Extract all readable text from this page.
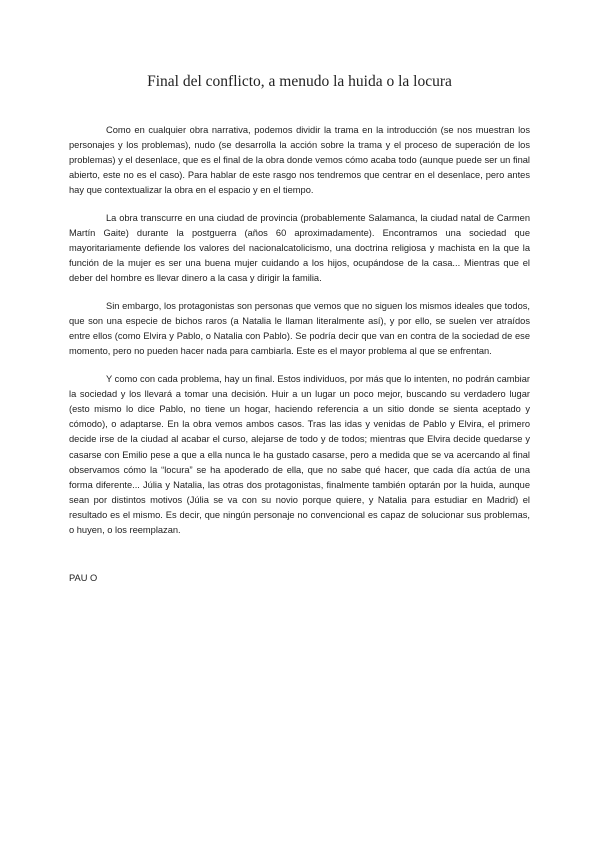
Final del conflicto, a menudo la huida o la locura

Como en cualquier obra narrativa, podemos dividir la trama en la introducción (se nos muestran los personajes y los problemas), nudo (se desarrolla la acción sobre la trama y el proceso de superación de los problemas) y el desenlace, que es el final de la obra donde vemos cómo acaba todo (aunque puede ser un final abierto, este no es el caso). Para hablar de este rasgo nos tendremos que centrar en el desenlace, pero antes hay que contextualizar la obra en el espacio y en el tiempo.

La obra transcurre en una ciudad de provincia (probablemente Salamanca, la ciudad natal de Carmen Martín Gaite) durante la postguerra (años 60 aproximadamente). Encontramos una sociedad que mayoritariamente defiende los valores del nacionalcatolicismo, una doctrina religiosa y machista en la que la función de la mujer es ser una buena mujer cuidando a los hijos, ocupándose de la casa... Mientras que el deber del hombre es llevar dinero a la casa y dirigir la familia.

Sin embargo, los protagonistas son personas que vemos que no siguen los mismos ideales que todos, que son una especie de bichos raros (a Natalia le llaman literalmente así), y por ello, se suelen ver atraídos entre ellos (como Elvira y Pablo, o Natalia con Pablo). Se podría decir que van en contra de la sociedad de ese momento, pero no pueden hacer nada para cambiarla. Este es el mayor problema al que se enfrentan.

Y como con cada problema, hay un final. Estos individuos, por más que lo intenten, no podrán cambiar la sociedad y los llevará a tomar una decisión. Huir a un lugar un poco mejor, buscando su verdadero lugar (esto mismo lo dice Pablo, no tiene un hogar, haciendo referencia a un sitio donde se sienta aceptado y cómodo), o adaptarse. En la obra vemos ambos casos. Tras las idas y venidas de Pablo y Elvira, el primero decide irse de la ciudad al acabar el curso, alejarse de todo y de todos; mientras que Elvira decide quedarse y casarse con Emilio pese a que a ella nunca le ha gustado casarse, pero a medida que se va acercando al final observamos cómo la “locura” se ha apoderado de ella, que no sabe qué hacer, que cada día actúa de una forma diferente... Júlia y Natalia, las otras dos protagonistas, finalmente también optarán por la huida, aunque sean por distintos motivos (Júlia se va con su novio porque quiere, y Natalia para estudiar en Madrid) el resultado es el mismo. Es decir, que ningún personaje no convencional es capaz de solucionar sus problemas, o huyen, o los reemplazan.

PAU O
